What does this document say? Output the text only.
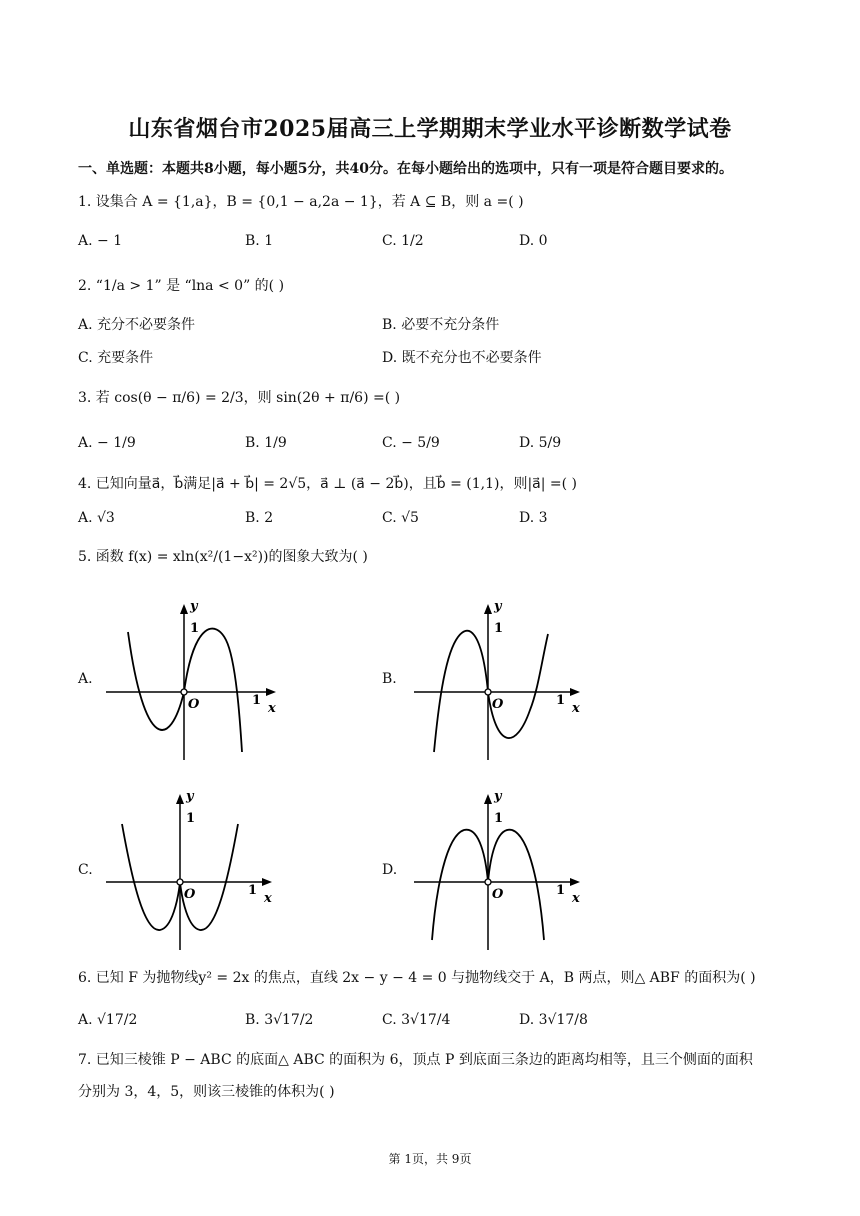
山东省烟台市2025届高三上学期期末学业水平诊断数学试卷
一、单选题：本题共8小题，每小题5分，共40分。在每小题给出的选项中，只有一项是符合题目要求的。
1. 设集合 A = {1,a}，B = {0,1 − a,2a − 1}，若 A ⊆ B，则 a =( )
A. − 1	B. 1	C. 1/2	D. 0
2. “1/a > 1” 是 “lna < 0” 的( )
A. 充分不必要条件	B. 必要不充分条件
C. 充要条件	D. 既不充分也不必要条件
3. 若 cos(θ − π/6) = 2/3，则 sin(2θ + π/6) =( )
A. − 1/9	B. 1/9	C. − 5/9	D. 5/9
4. 已知向量a⃗，b⃗满足|a⃗ + b⃗| = 2√5，a⃗ ⊥ (a⃗ − 2b⃗)，且b⃗ = (1,1)，则|a⃗| =( )
A. √3	B. 2	C. √5	D. 3
5. 函数 f(x) = xln(x²/(1−x²))的图象大致为( )
A.	B.
C.	D.
y
1
O	1
x
y
1
O	1
x
y
1
O	1
x
y
1
O	1
x
6. 已知 F 为抛物线y² = 2x 的焦点，直线 2x − y − 4 = 0 与抛物线交于 A，B 两点，则△ ABF 的面积为( )
A. √17/2	B. 3√17/2	C. 3√17/4	D. 3√17/8
7. 已知三棱锥 P − ABC 的底面△ ABC 的面积为 6，顶点 P 到底面三条边的距离均相等，且三个侧面的面积
分别为 3，4，5，则该三棱锥的体积为( )
第 1页，共 9页
